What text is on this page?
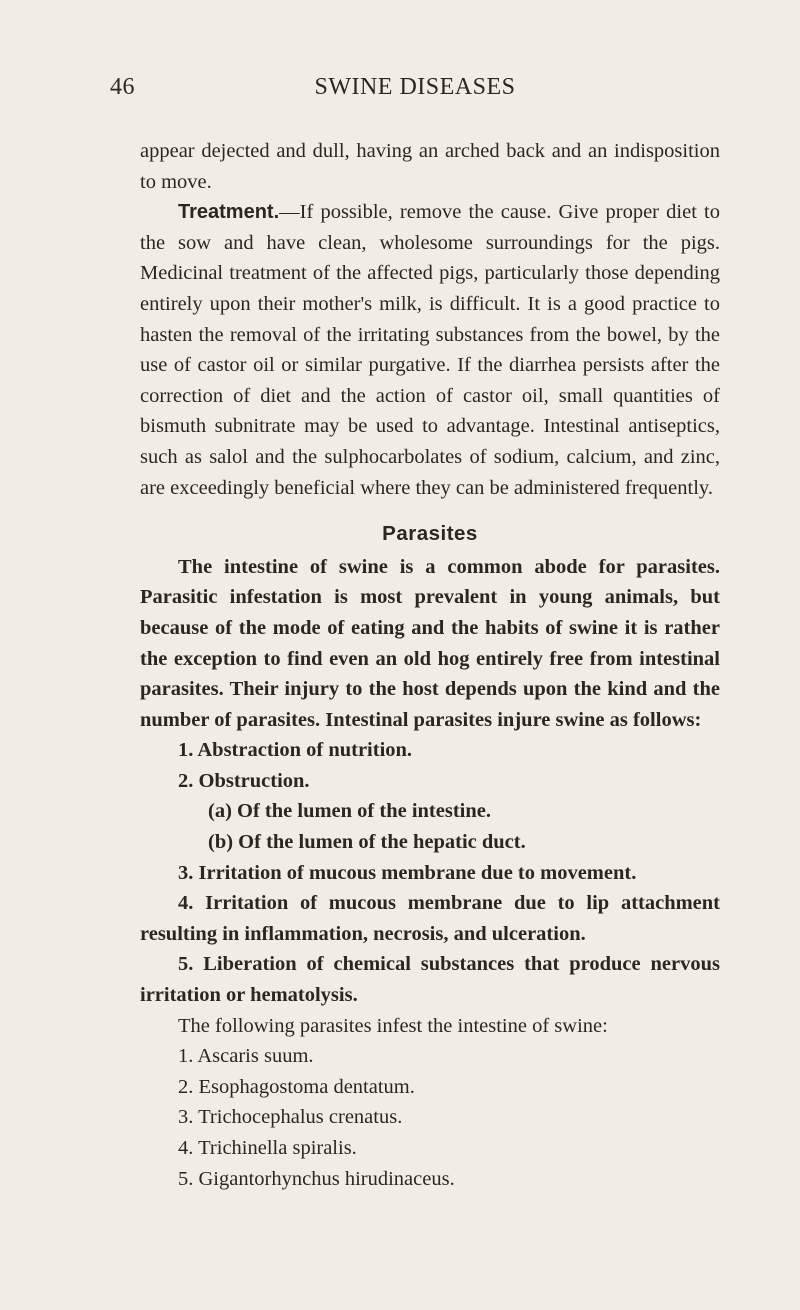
46	SWINE DISEASES

appear dejected and dull, having an arched back and an indisposition to move.

Treatment.—If possible, remove the cause. Give proper diet to the sow and have clean, wholesome surroundings for the pigs. Medicinal treatment of the affected pigs, particularly those depending entirely upon their mother's milk, is difficult. It is a good practice to hasten the removal of the irritating substances from the bowel, by the use of castor oil or similar purgative. If the diarrhea persists after the correction of diet and the action of castor oil, small quantities of bismuth subnitrate may be used to advantage. Intestinal antiseptics, such as salol and the sulphocarbolates of sodium, calcium, and zinc, are exceedingly beneficial where they can be administered frequently.

Parasites

The intestine of swine is a common abode for parasites. Parasitic infestation is most prevalent in young animals, but because of the mode of eating and the habits of swine it is rather the exception to find even an old hog entirely free from intestinal parasites. Their injury to the host depends upon the kind and the number of parasites. Intestinal parasites injure swine as follows:

1. Abstraction of nutrition.

2. Obstruction.

(a) Of the lumen of the intestine.

(b) Of the lumen of the hepatic duct.

3. Irritation of mucous membrane due to movement.

4. Irritation of mucous membrane due to lip attachment resulting in inflammation, necrosis, and ulceration.

5. Liberation of chemical substances that produce nervous irritation or hematolysis.

The following parasites infest the intestine of swine:

1. Ascaris suum.

2. Esophagostoma dentatum.

3. Trichocephalus crenatus.

4. Trichinella spiralis.

5. Gigantorhynchus hirudinaceus.
